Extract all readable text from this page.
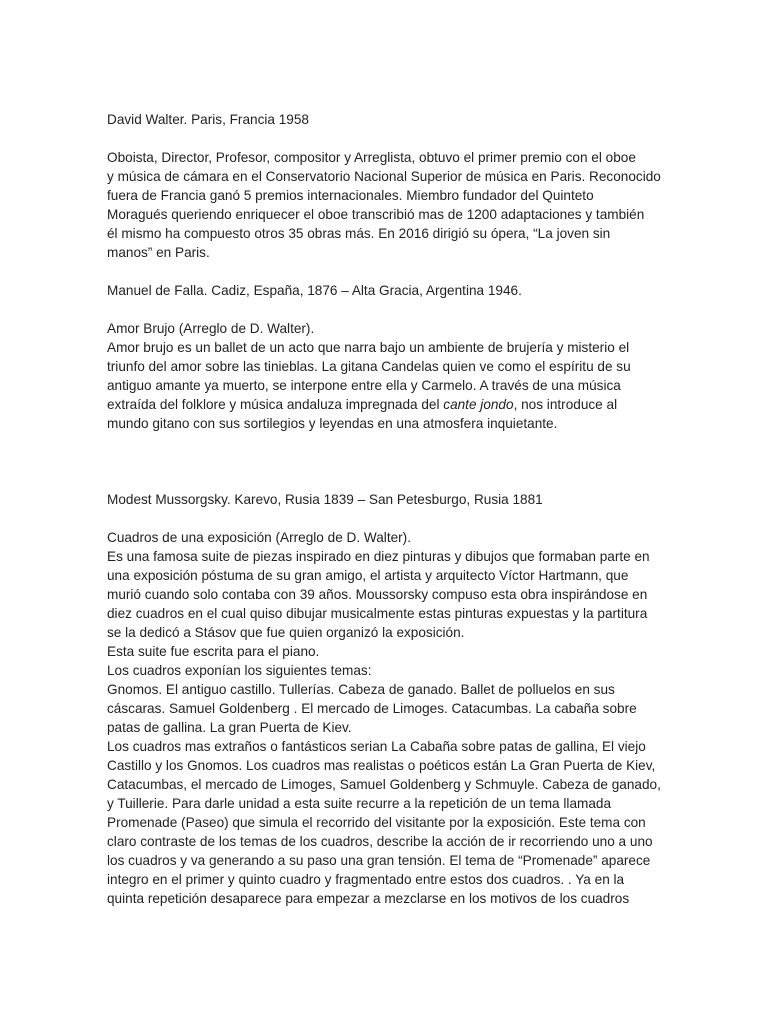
David Walter. Paris, Francia 1958

Oboista, Director, Profesor, compositor y Arreglista, obtuvo el primer premio con el oboe

y música de cámara en el Conservatorio Nacional Superior de música en Paris. Reconocido

fuera de Francia ganó 5 premios internacionales. Miembro fundador del Quinteto

Moragués queriendo enriquecer el oboe transcribió mas de 1200 adaptaciones y también

él mismo ha compuesto otros 35 obras más. En 2016 dirigió su ópera, “La joven sin

manos” en Paris.

Manuel de Falla. Cadiz, España, 1876 – Alta Gracia, Argentina 1946.

Amor Brujo (Arreglo de D. Walter).

Amor brujo es un ballet de un acto que narra bajo un ambiente de brujería y misterio el

triunfo del amor sobre las tinieblas. La gitana Candelas quien ve como el espíritu de su

antiguo amante ya muerto, se interpone entre ella y Carmelo. A través de una música

extraída del folklore y música andaluza impregnada del cante jondo, nos introduce al

mundo gitano con sus sortilegios y leyendas en una atmosfera inquietante.

Modest Mussorgsky. Karevo, Rusia 1839 – San Petesburgo, Rusia 1881

Cuadros de una exposición (Arreglo de D. Walter).

Es una famosa suite de piezas inspirado en diez pinturas y dibujos que formaban parte en

una exposición póstuma de su gran amigo, el artista y arquitecto Víctor Hartmann, que

murió cuando solo contaba con 39 años. Moussorsky compuso esta obra inspirándose en

diez cuadros en el cual quiso dibujar musicalmente estas pinturas expuestas y la partitura

se la dedicó a Stásov que fue quien organizó la exposición.

Esta suite fue escrita para el piano.

Los cuadros exponían los siguientes temas:

Gnomos. El antiguo castillo. Tullerías. Cabeza de ganado. Ballet de polluelos en sus

cáscaras. Samuel Goldenberg . El mercado de Limoges. Catacumbas. La cabaña sobre

patas de gallina. La gran Puerta de Kiev.

Los cuadros mas extraños o fantásticos serian La Cabaña sobre patas de gallina, El viejo

Castillo y los Gnomos. Los cuadros mas realistas o poéticos están La Gran Puerta de Kiev,

Catacumbas, el mercado de Limoges, Samuel Goldenberg y Schmuyle. Cabeza de ganado,

y Tuillerie. Para darle unidad a esta suite recurre a la repetición de un tema llamada

Promenade (Paseo) que simula el recorrido del visitante por la exposición. Este tema con

claro contraste de los temas de los cuadros, describe la acción de ir recorriendo uno a uno

los cuadros y va generando a su paso una gran tensión. El tema de “Promenade” aparece

integro en el primer y quinto cuadro y fragmentado entre estos dos cuadros. . Ya en la

quinta repetición desaparece para empezar a mezclarse en los motivos de los cuadros
